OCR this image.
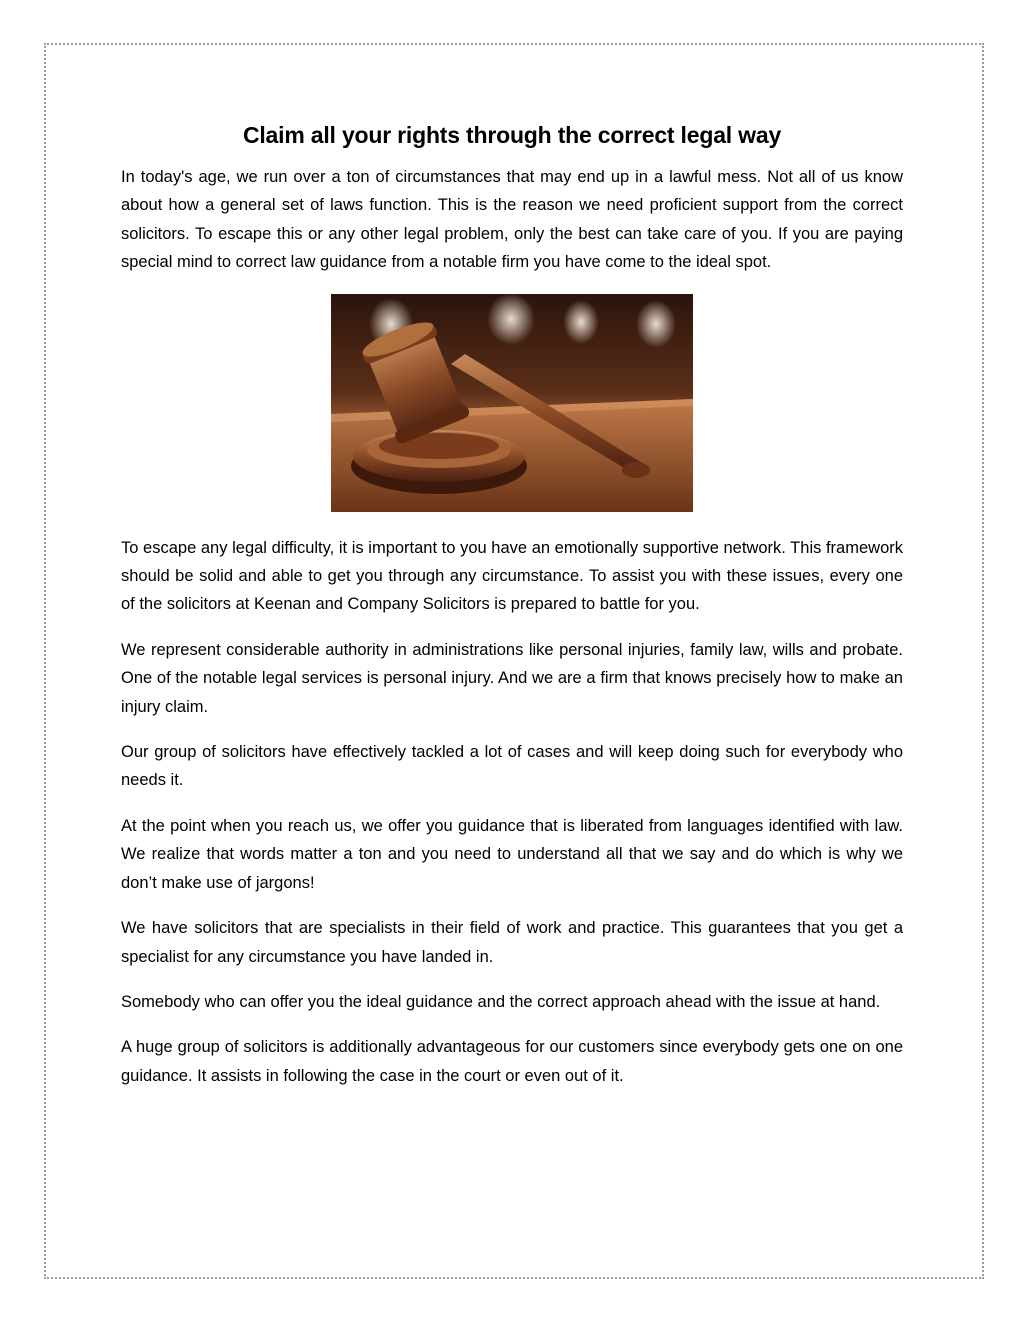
Claim all your rights through the correct legal way

In today's age, we run over a ton of circumstances that may end up in a lawful mess. Not all of us know about how a general set of laws function. This is the reason we need proficient support from the correct solicitors. To escape this or any other legal problem, only the best can take care of you. If you are paying special mind to correct law guidance from a notable firm you have come to the ideal spot.

To escape any legal difficulty, it is important to you have an emotionally supportive network. This framework should be solid and able to get you through any circumstance. To assist you with these issues, every one of the solicitors at Keenan and Company Solicitors is prepared to battle for you.

We represent considerable authority in administrations like personal injuries, family law, wills and probate. One of the notable legal services is personal injury. And we are a firm that knows precisely how to make an injury claim.

Our group of solicitors have effectively tackled a lot of cases and will keep doing such for everybody who needs it.

At the point when you reach us, we offer you guidance that is liberated from languages identified with law. We realize that words matter a ton and you need to understand all that we say and do which is why we don’t make use of jargons!

We have solicitors that are specialists in their field of work and practice. This guarantees that you get a specialist for any circumstance you have landed in.

Somebody who can offer you the ideal guidance and the correct approach ahead with the issue at hand.

A huge group of solicitors is additionally advantageous for our customers since everybody gets one on one guidance. It assists in following the case in the court or even out of it.
